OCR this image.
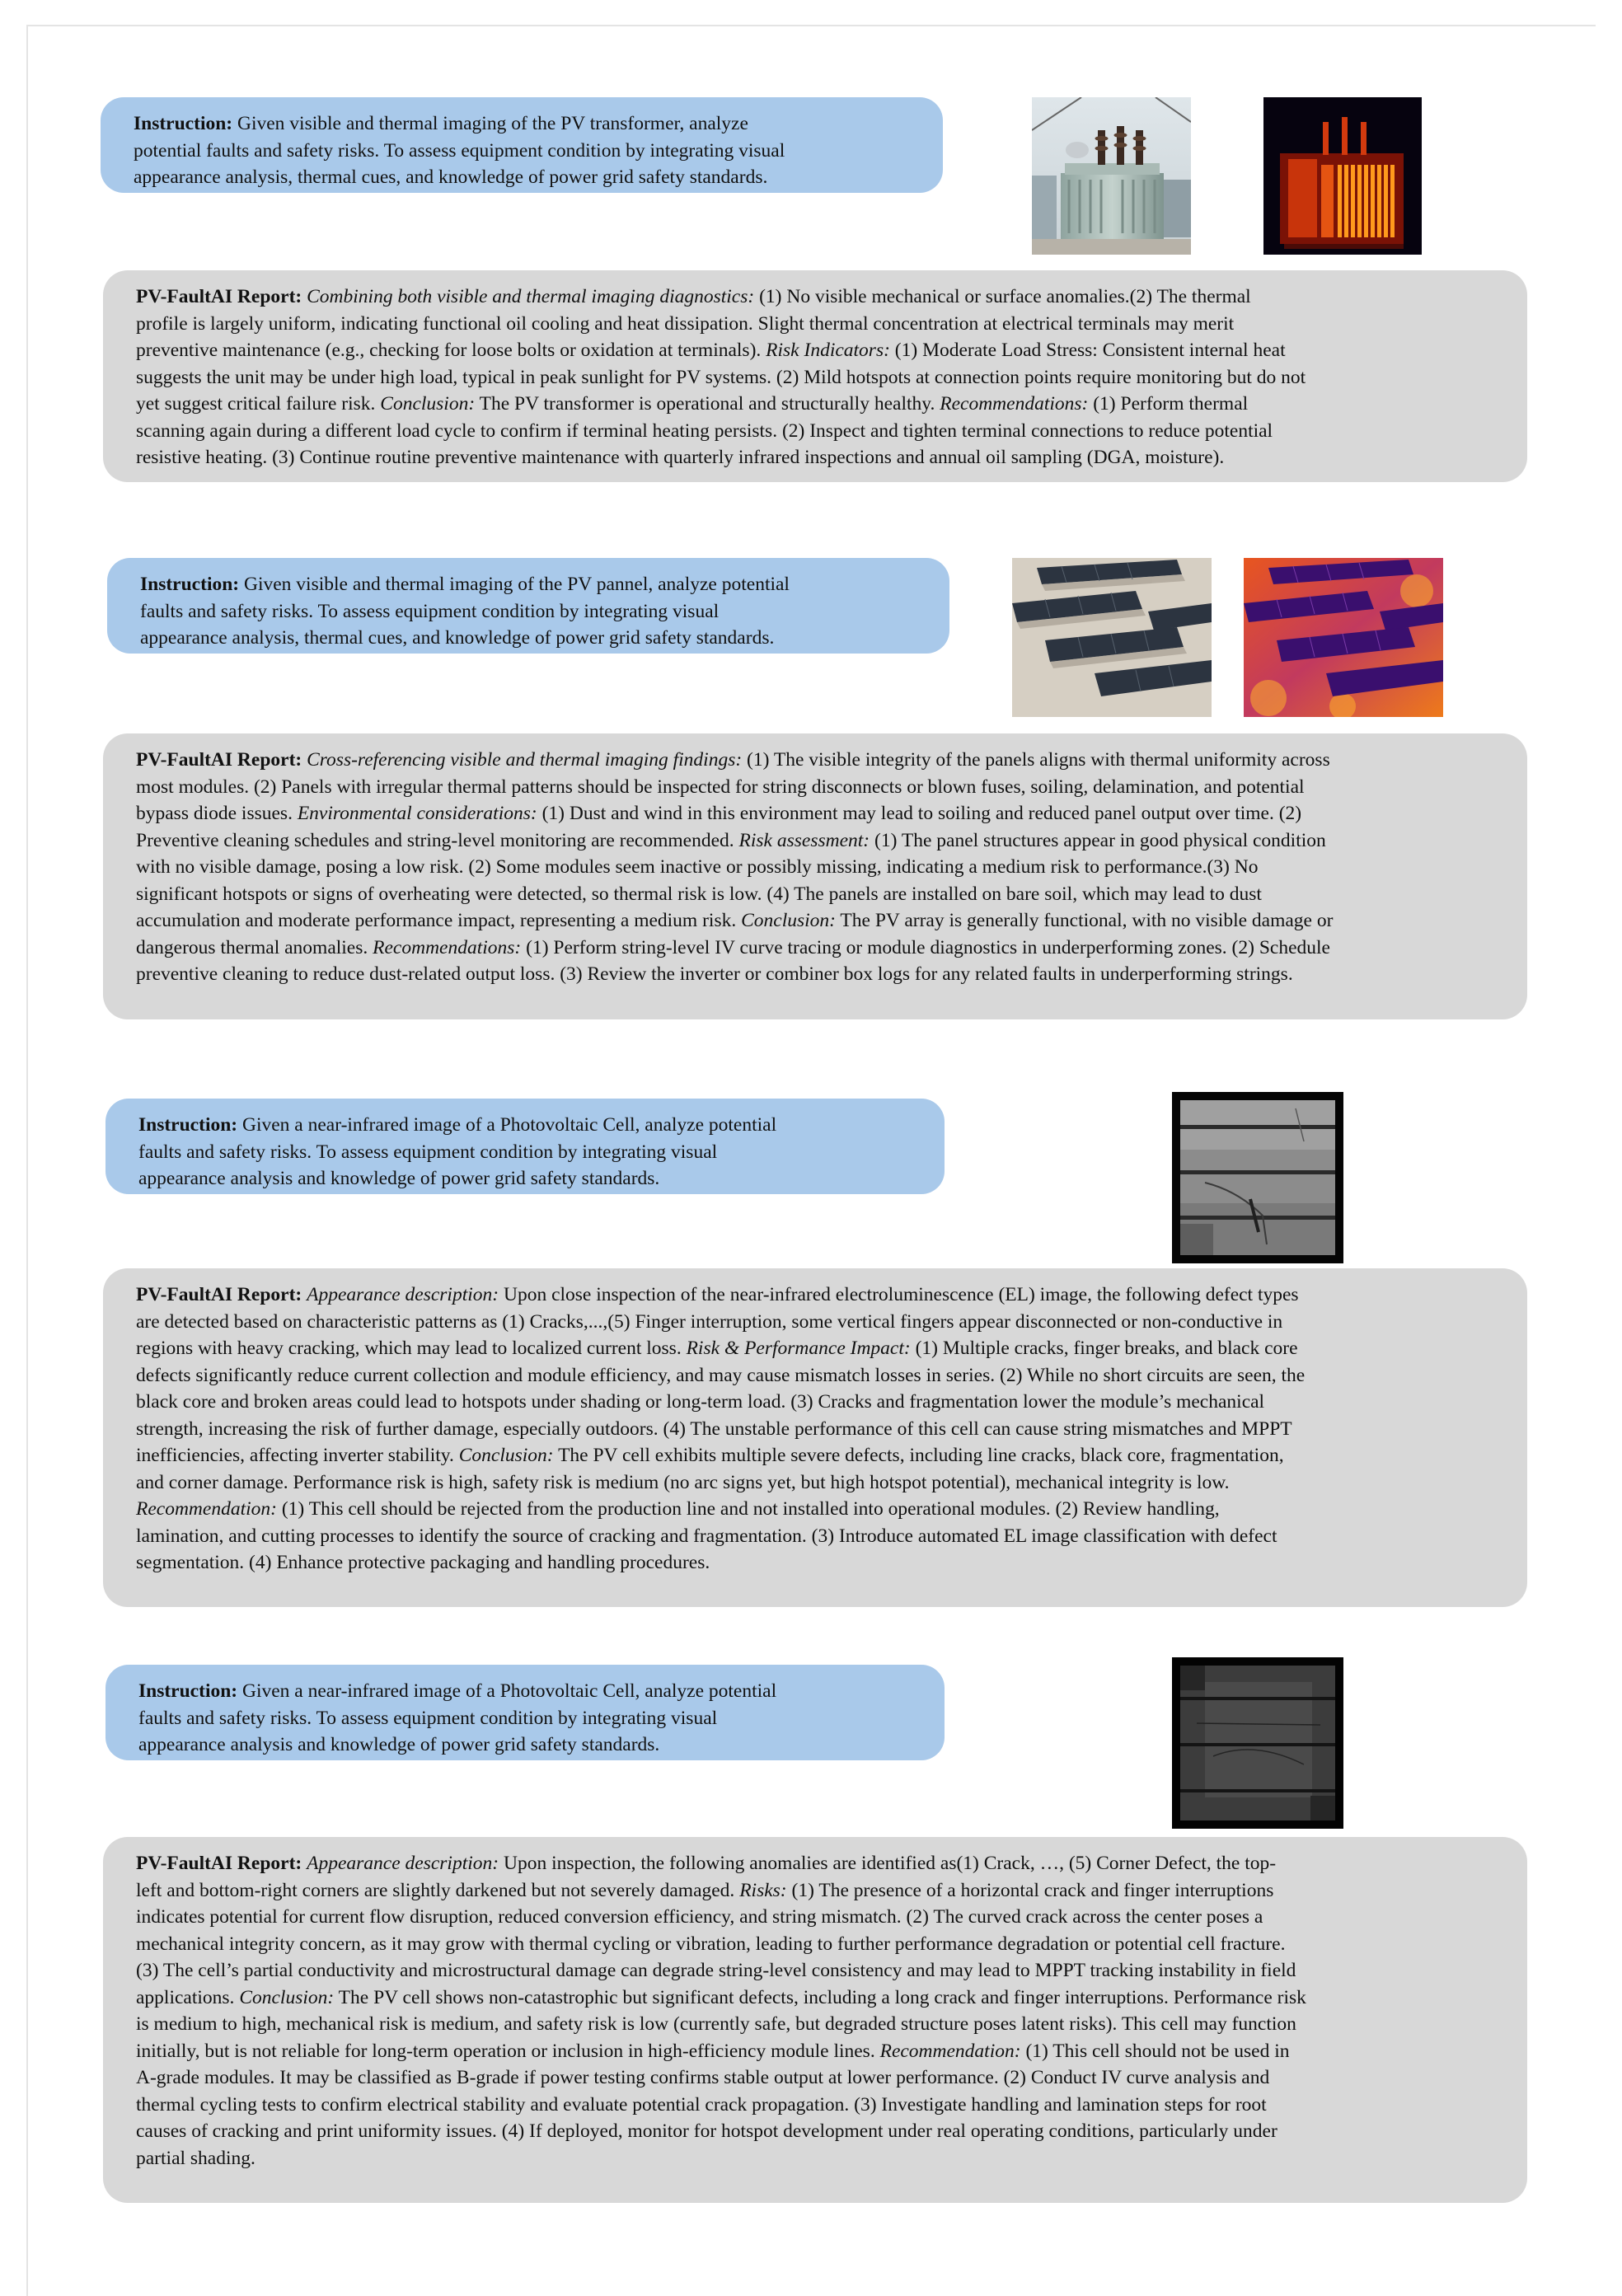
Instruction: Given visible and thermal imaging of the PV transformer, analyze
potential faults and safety risks. To assess equipment condition by integrating visual
appearance analysis, thermal cues, and knowledge of power grid safety standards.
PV-FaultAI Report: Combining both visible and thermal imaging diagnostics: (1) No visible mechanical or surface anomalies.(2) The thermal
profile is largely uniform, indicating functional oil cooling and heat dissipation. Slight thermal concentration at electrical terminals may merit
preventive maintenance (e.g., checking for loose bolts or oxidation at terminals). Risk Indicators: (1) Moderate Load Stress: Consistent internal heat
suggests the unit may be under high load, typical in peak sunlight for PV systems. (2) Mild hotspots at connection points require monitoring but do not
yet suggest critical failure risk. Conclusion: The PV transformer is operational and structurally healthy. Recommendations: (1) Perform thermal
scanning again during a different load cycle to confirm if terminal heating persists. (2) Inspect and tighten terminal connections to reduce potential
resistive heating. (3) Continue routine preventive maintenance with quarterly infrared inspections and annual oil sampling (DGA, moisture).
Instruction: Given visible and thermal imaging of the PV pannel, analyze potential
faults and safety risks. To assess equipment condition by integrating visual
appearance analysis, thermal cues, and knowledge of power grid safety standards.
PV-FaultAI Report: Cross-referencing visible and thermal imaging findings: (1) The visible integrity of the panels aligns with thermal uniformity across
most modules. (2) Panels with irregular thermal patterns should be inspected for string disconnects or blown fuses, soiling, delamination, and potential
bypass diode issues. Environmental considerations: (1) Dust and wind in this environment may lead to soiling and reduced panel output over time. (2)
Preventive cleaning schedules and string-level monitoring are recommended. Risk assessment: (1) The panel structures appear in good physical condition
with no visible damage, posing a low risk. (2) Some modules seem inactive or possibly missing, indicating a medium risk to performance.(3) No
significant hotspots or signs of overheating were detected, so thermal risk is low. (4) The panels are installed on bare soil, which may lead to dust
accumulation and moderate performance impact, representing a medium risk. Conclusion: The PV array is generally functional, with no visible damage or
dangerous thermal anomalies. Recommendations: (1) Perform string-level IV curve tracing or module diagnostics in underperforming zones. (2) Schedule
preventive cleaning to reduce dust-related output loss. (3) Review the inverter or combiner box logs for any related faults in underperforming strings.
Instruction: Given a near-infrared image of a Photovoltaic Cell, analyze potential
faults and safety risks. To assess equipment condition by integrating visual
appearance analysis and knowledge of power grid safety standards.
PV-FaultAI Report: Appearance description: Upon close inspection of the near-infrared electroluminescence (EL) image, the following defect types
are detected based on characteristic patterns as (1) Cracks,...,(5) Finger interruption, some vertical fingers appear disconnected or non-conductive in
regions with heavy cracking, which may lead to localized current loss. Risk & Performance Impact: (1) Multiple cracks, finger breaks, and black core
defects significantly reduce current collection and module efficiency, and may cause mismatch losses in series. (2) While no short circuits are seen, the
black core and broken areas could lead to hotspots under shading or long-term load. (3) Cracks and fragmentation lower the module’s mechanical
strength, increasing the risk of further damage, especially outdoors. (4) The unstable performance of this cell can cause string mismatches and MPPT
inefficiencies, affecting inverter stability. Conclusion: The PV cell exhibits multiple severe defects, including line cracks, black core, fragmentation,
and corner damage. Performance risk is high, safety risk is medium (no arc signs yet, but high hotspot potential), mechanical integrity is low.
Recommendation: (1) This cell should be rejected from the production line and not installed into operational modules. (2) Review handling,
lamination, and cutting processes to identify the source of cracking and fragmentation. (3) Introduce automated EL image classification with defect
segmentation. (4) Enhance protective packaging and handling procedures.
Instruction: Given a near-infrared image of a Photovoltaic Cell, analyze potential
faults and safety risks. To assess equipment condition by integrating visual
appearance analysis and knowledge of power grid safety standards.
PV-FaultAI Report: Appearance description: Upon inspection, the following anomalies are identified as(1) Crack, …, (5) Corner Defect, the top-
left and bottom-right corners are slightly darkened but not severely damaged. Risks: (1) The presence of a horizontal crack and finger interruptions
indicates potential for current flow disruption, reduced conversion efficiency, and string mismatch. (2) The curved crack across the center poses a
mechanical integrity concern, as it may grow with thermal cycling or vibration, leading to further performance degradation or potential cell fracture.
(3) The cell’s partial conductivity and microstructural damage can degrade string-level consistency and may lead to MPPT tracking instability in field
applications. Conclusion: The PV cell shows non-catastrophic but significant defects, including a long crack and finger interruptions. Performance risk
is medium to high, mechanical risk is medium, and safety risk is low (currently safe, but degraded structure poses latent risks). This cell may function
initially, but is not reliable for long-term operation or inclusion in high-efficiency module lines. Recommendation: (1) This cell should not be used in
A-grade modules. It may be classified as B-grade if power testing confirms stable output at lower performance. (2) Conduct IV curve analysis and
thermal cycling tests to confirm electrical stability and evaluate potential crack propagation. (3) Investigate handling and lamination steps for root
causes of cracking and print uniformity issues. (4) If deployed, monitor for hotspot development under real operating conditions, particularly under
partial shading.
